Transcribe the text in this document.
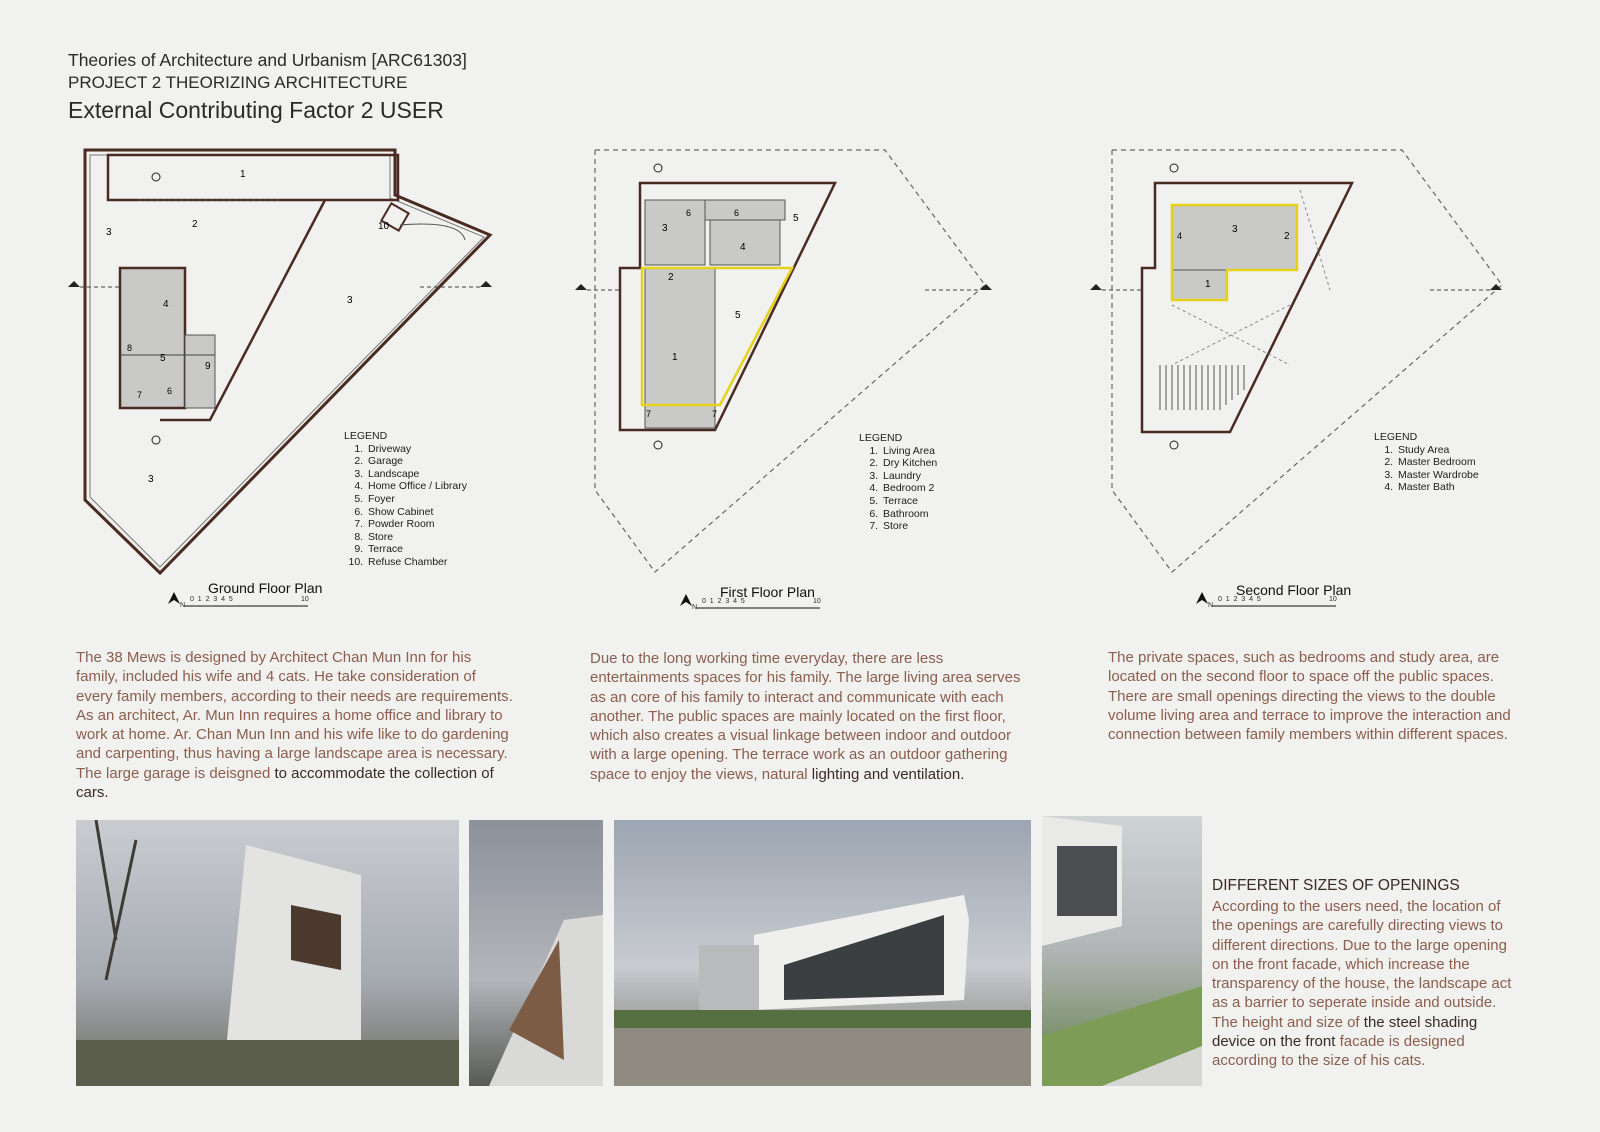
Theories of Architecture and Urbanism [ARC61303]
PROJECT 2 THEORIZING ARCHITECTURE
External Contributing Factor 2 USER
1
2
3
10
3
4
5
9
8
6
7
3
LEGEND
1. Driveway
2. Garage
3. Landscape
4. Home Office / Library
5. Foyer
6. Show Cabinet
7. Powder Room
8. Store
9. Terrace
10. Refuse Chamber
Ground Floor Plan
N
0  1  2  3  4  5	10
6	6
3
5
4
2
5
1
7	7
LEGEND
1. Living Area
2. Dry Kitchen
3. Laundry
4. Bedroom 2
5. Terrace
6. Bathroom
7. Store
First Floor Plan
N
0  1  2  3  4  5	10
3
2
4
1
LEGEND
1. Study Area
2. Master Bedroom
3. Master Wardrobe
4. Master Bath
Second Floor Plan
N
0  1  2  3  4  5	10
The 38 Mews is designed by Architect Chan Mun Inn for his family, included his wife and 4 cats. He take consideration of every family members, according to their needs are requirements. As an architect, Ar. Mun Inn requires a home office and library to work at home. Ar. Chan Mun Inn and his wife like to do gardening and carpenting, thus having a large landscape area is necessary. The large garage is deisgned to accommodate the collection of cars.
Due to the long working time everyday, there are less entertainments spaces for his family. The large living area serves as an core of his family to interact and communicate with each another. The public spaces are mainly located on the first floor, which also creates a visual linkage between indoor and outdoor with a large opening. The terrace work as an outdoor gathering space to enjoy the views, natural lighting and ventilation.
The private spaces, such as bedrooms and study area, are located on the second floor to space off the public spaces. There are small openings directing the views to the double volume living area and terrace to improve the interaction and connection between family members within different spaces.
DIFFERENT SIZES OF OPENINGS
According to the users need, the location of the openings are carefully directing views to different directions. Due to the large opening on the front facade, which increase the transparency of the house, the landscape act as a barrier to seperate inside and outside. The height and size of the steel shading device on the front facade is designed according to the size of his cats.
